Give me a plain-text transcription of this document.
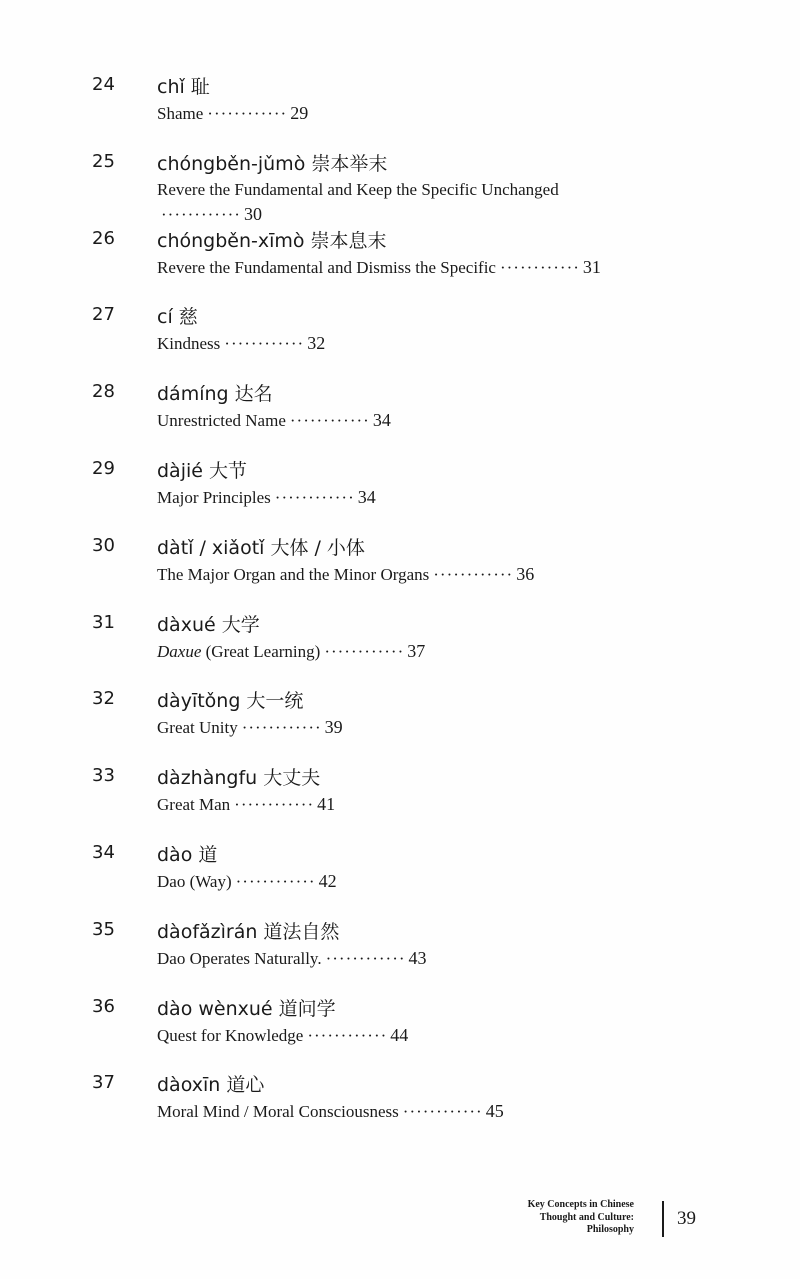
24 chǐ 耻
Shame ············ 29
25 chóngběn-jǔmò 崇本举末
Revere the Fundamental and Keep the Specific Unchanged
············ 30
26 chóngběn-xīmò 崇本息末
Revere the Fundamental and Dismiss the Specific ············ 31
27 cí 慈
Kindness ············ 32
28 dámíng 达名
Unrestricted Name ············ 34
29 dàjié 大节
Major Principles ············ 34
30 dàtǐ / xiǎotǐ 大体 / 小体
The Major Organ and the Minor Organs ············ 36
31 dàxué 大学
Daxue (Great Learning) ············ 37
32 dàyītǒng 大一统
Great Unity ············ 39
33 dàzhàngfu 大丈夫
Great Man ············ 41
34 dào 道
Dao (Way) ············ 42
35 dàofǎzìrán 道法自然
Dao Operates Naturally. ············ 43
36 dào wènxué 道问学
Quest for Knowledge ············ 44
37 dàoxīn 道心
Moral Mind / Moral Consciousness ············ 45
Key Concepts in Chinese
Thought and Culture:
Philosophy
39
